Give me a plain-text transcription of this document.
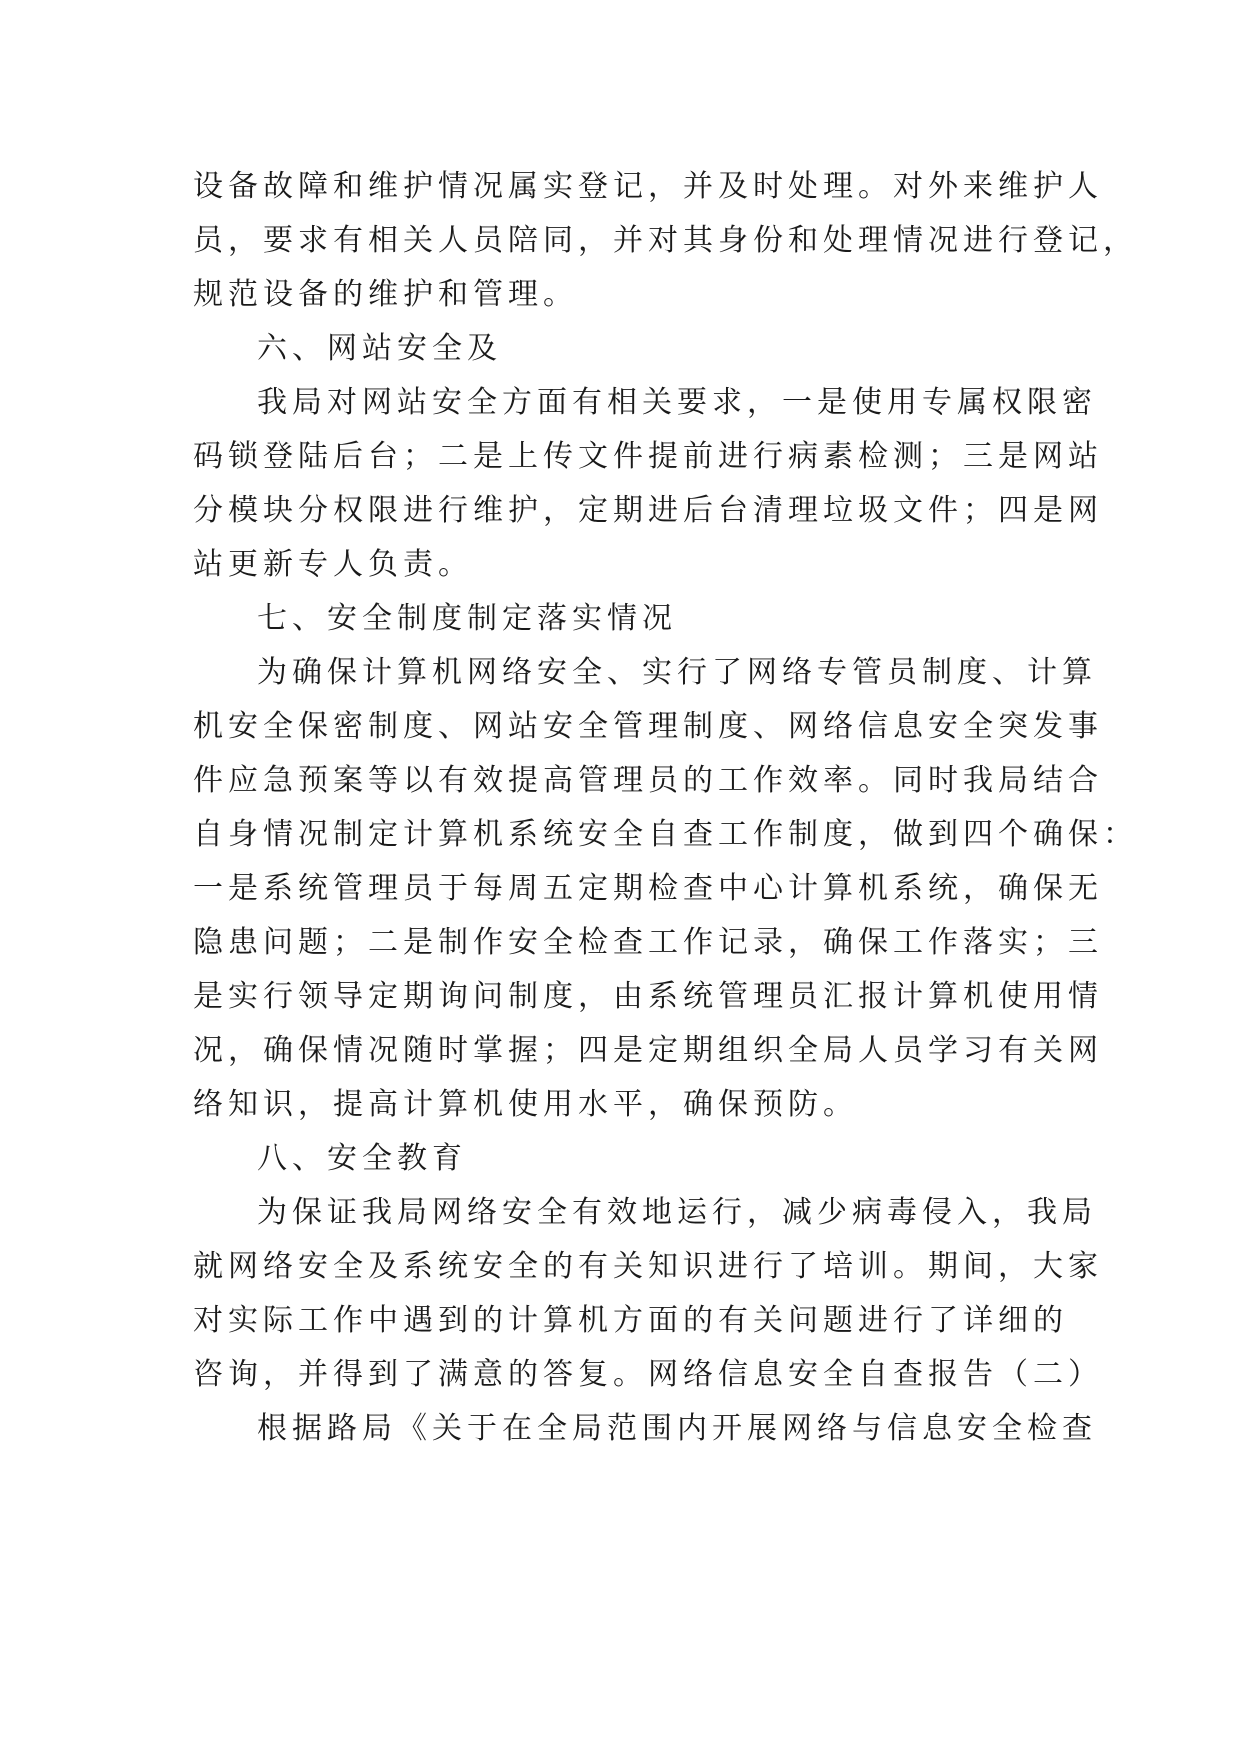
设备故障和维护情况属实登记，并及时处理。对外来维护人
员，要求有相关人员陪同，并对其身份和处理情况进行登记，
规范设备的维护和管理。
六、网站安全及
我局对网站安全方面有相关要求，一是使用专属权限密
码锁登陆后台；二是上传文件提前进行病素检测；三是网站
分模块分权限进行维护，定期进后台清理垃圾文件；四是网
站更新专人负责。
七、安全制度制定落实情况
为确保计算机网络安全、实行了网络专管员制度、计算
机安全保密制度、网站安全管理制度、网络信息安全突发事
件应急预案等以有效提高管理员的工作效率。同时我局结合
自身情况制定计算机系统安全自查工作制度，做到四个确保：
一是系统管理员于每周五定期检查中心计算机系统，确保无
隐患问题；二是制作安全检查工作记录，确保工作落实；三
是实行领导定期询问制度，由系统管理员汇报计算机使用情
况，确保情况随时掌握；四是定期组织全局人员学习有关网
络知识，提高计算机使用水平，确保预防。
八、安全教育
为保证我局网络安全有效地运行，减少病毒侵入，我局
就网络安全及系统安全的有关知识进行了培训。期间，大家
对实际工作中遇到的计算机方面的有关问题进行了详细的
咨询，并得到了满意的答复。网络信息安全自查报告（二）
根据路局《关于在全局范围内开展网络与信息安全检查
